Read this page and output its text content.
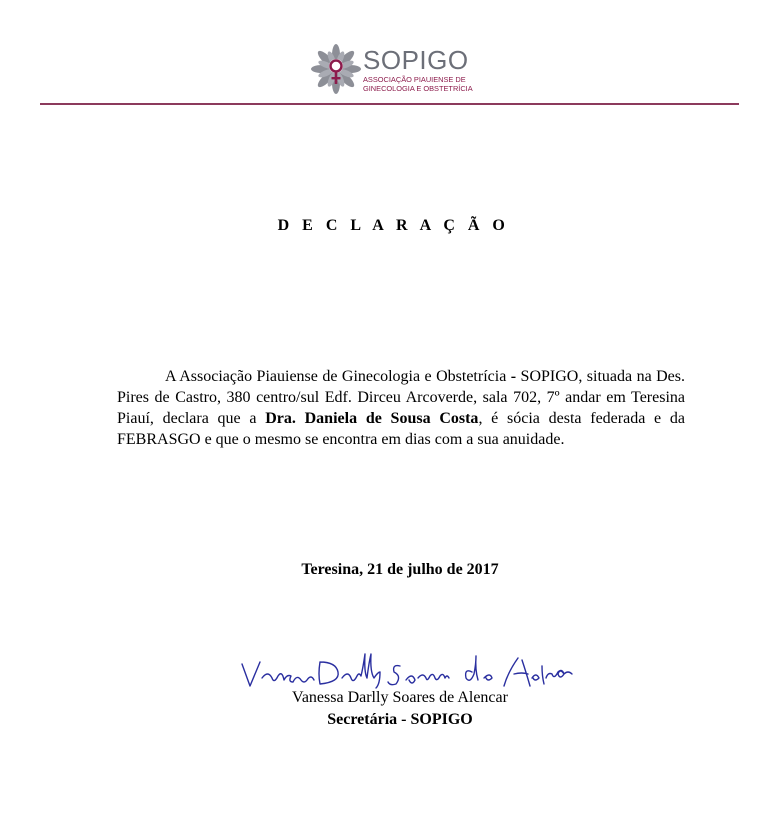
SOPIGO
ASSOCIAÇÃO PIAUIENSE DE
GINECOLOGIA E OBSTETRÍCIA
D E C L A R A Ç Ã O
A Associação Piauiense de Ginecologia e Obstetrícia - SOPIGO, situada na Des. Pires de Castro, 380 centro/sul Edf. Dirceu Arcoverde, sala 702, 7º andar em Teresina Piauí, declara que a Dra. Daniela de Sousa Costa, é sócia desta federada e da FEBRASGO e que o mesmo se encontra em dias com a sua anuidade.
Teresina, 21 de julho de 2017
Vanessa Darlly Soares de Alencar
Secretária - SOPIGO
